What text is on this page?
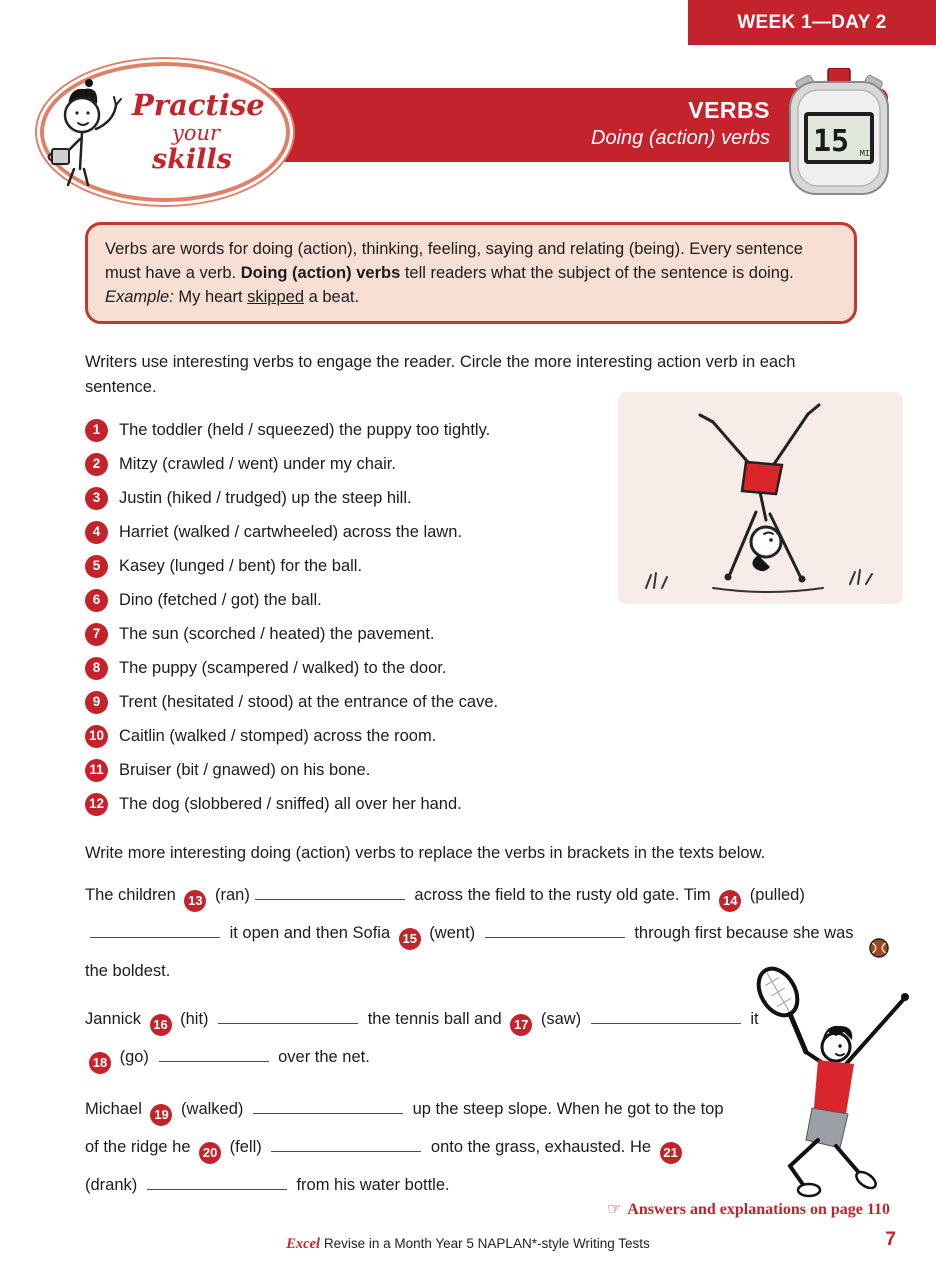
WEEK 1—DAY 2
VERBS
Doing (action) verbs
Practise
your
skills
15 MIN
Verbs are words for doing (action), thinking, feeling, saying and relating (being). Every sentence must have a verb. Doing (action) verbs tell readers what the subject of the sentence is doing.
Example: My heart skipped a beat.
Writers use interesting verbs to engage the reader. Circle the more interesting action verb in each sentence.
1	The toddler (held / squeezed) the puppy too tightly.
2	Mitzy (crawled / went) under my chair.
3	Justin (hiked / trudged) up the steep hill.
4	Harriet (walked / cartwheeled) across the lawn.
5	Kasey (lunged / bent) for the ball.
6	Dino (fetched / got) the ball.
7	The sun (scorched / heated) the pavement.
8	The puppy (scampered / walked) to the door.
9	Trent (hesitated / stood) at the entrance of the cave.
10 Caitlin (walked / stomped) across the room.
11 Bruiser (bit / gnawed) on his bone.
12 The dog (slobbered / sniffed) all over her hand.
Write more interesting doing (action) verbs to replace the verbs in brackets in the texts below.

The children 13 (ran)	across the field to the rusty old gate. Tim 14 (pulled)  it open and then Sofia 15 (went)	through first because she was the boldest.

Jannick 16 (hit)	the tennis ball and 17 (saw)	it 18 (go)	over the net.

Michael 19 (walked)	up the steep slope. When he got to the top of the ridge he 20 (fell)	onto the grass, exhausted. He 21 (drank)	from his water bottle.

☞ Answers and explanations on page 110
Excel Revise in a Month Year 5 NAPLAN*-style Writing Tests	7
